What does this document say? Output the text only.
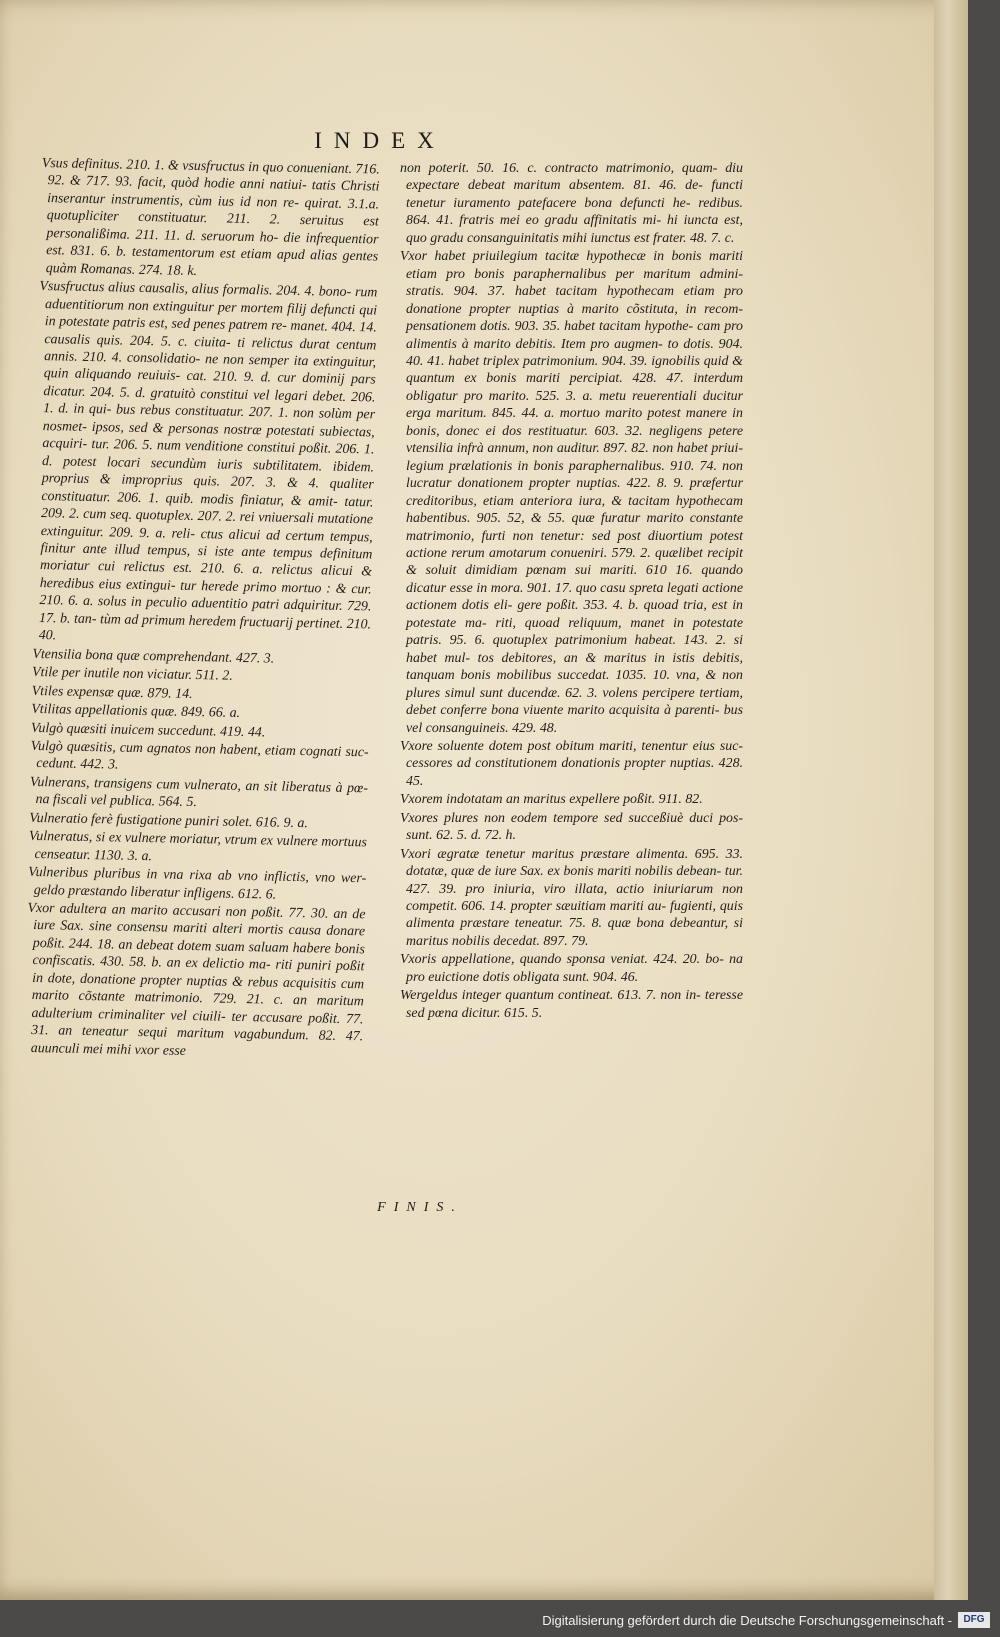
INDEX

Vsus definitus. 210. 1. & vsusfructus in quo conueniant. 716. 92. & 717. 93. facit, quòd hodie anni natiui- tatis Christi inserantur instrumentis, cùm ius id non re- quirat. 3.1.a. quotupliciter constituatur. 211. 2. seruitus est personalißima. 211. 11. d. seruorum ho- die infrequentior est. 831. 6. b. testamentorum est etiam apud alias gentes quàm Romanas. 274. 18. k.

Vsusfructus alius causalis, alius formalis. 204. 4. bono- rum aduentitiorum non extinguitur per mortem filij defuncti qui in potestate patris est, sed penes patrem re- manet. 404. 14. causalis quis. 204. 5. c. ciuita- ti relictus durat centum annis. 210. 4. consolidatio- ne non semper ita extinguitur, quin aliquando reuiuis- cat. 210. 9. d. cur dominij pars dicatur. 204. 5. d. gratuitò constitui vel legari debet. 206. 1. d. in qui- bus rebus constituatur. 207. 1. non solùm per nosmet- ipsos, sed & personas nostræ potestati subiectas, acquiri- tur. 206. 5. num venditione constitui poßit. 206. 1. d. potest locari secundùm iuris subtilitatem. ibidem. proprius & improprius quis. 207. 3. & 4. qualiter constituatur. 206. 1. quib. modis finiatur, & amit- tatur. 209. 2. cum seq. quotuplex. 207. 2. rei vniuersali mutatione extinguitur. 209. 9. a. reli- ctus alicui ad certum tempus, finitur ante illud tempus, si iste ante tempus definitum moriatur cui relictus est. 210. 6. a. relictus alicui & heredibus eius extingui- tur herede primo mortuo : & cur. 210. 6. a. solus in peculio aduentitio patri adquiritur. 729. 17. b. tan- tùm ad primum heredem fructuarij pertinet. 210. 40.

Vtensilia bona quæ comprehendant. 427. 3.

Vtile per inutile non viciatur. 511. 2.

Vtiles expensæ quæ. 879. 14.

Vtilitas appellationis quæ. 849. 66. a.

Vulgò quæsiti inuicem succedunt. 419. 44.

Vulgò quæsitis, cum agnatos non habent, etiam cognati suc- cedunt. 442. 3.

Vulnerans, transigens cum vulnerato, an sit liberatus à pœ- na fiscali vel publica. 564. 5.

Vulneratio ferè fustigatione puniri solet. 616. 9. a.

Vulneratus, si ex vulnere moriatur, vtrum ex vulnere mortuus censeatur. 1130. 3. a.

Vulneribus pluribus in vna rixa ab vno inflictis, vno wer- geldo præstando liberatur infligens. 612. 6.

Vxor adultera an marito accusari non poßit. 77. 30. an de iure Sax. sine consensu mariti alteri mortis causa donare poßit. 244. 18. an debeat dotem suam saluam habere bonis confiscatis. 430. 58. b. an ex delictio ma- riti puniri poßit in dote, donatione propter nuptias & rebus acquisitis cum marito cõstante matrimonio. 729. 21. c. an maritum adulterium criminaliter vel ciuili- ter accusare poßit. 77. 31. an teneatur sequi maritum vagabundum. 82. 47. auunculi mei mihi vxor esse

non poterit. 50. 16. c. contracto matrimonio, quam- diu expectare debeat maritum absentem. 81. 46. de- functi tenetur iuramento patefacere bona defuncti he- redibus. 864. 41. fratris mei eo gradu affinitatis mi- hi iuncta est, quo gradu consanguinitatis mihi iunctus est frater. 48. 7. c.

Vxor habet priuilegium tacitæ hypothecæ in bonis mariti etiam pro bonis paraphernalibus per maritum admini- stratis. 904. 37. habet tacitam hypothecam etiam pro donatione propter nuptias à marito cõstituta, in recom- pensationem dotis. 903. 35. habet tacitam hypothe- cam pro alimentis à marito debitis. Item pro augmen- to dotis. 904. 40. 41. habet triplex patrimonium. 904. 39. ignobilis quid & quantum ex bonis mariti percipiat. 428. 47. interdum obligatur pro marito. 525. 3. a. metu reuerentiali ducitur erga maritum. 845. 44. a. mortuo marito potest manere in bonis, donec ei dos restituatur. 603. 32. negligens petere vtensilia infrà annum, non auditur. 897. 82. non habet priui- legium prælationis in bonis paraphernalibus. 910. 74. non lucratur donationem propter nuptias. 422. 8. 9. præfertur creditoribus, etiam anteriora iura, & tacitam hypothecam habentibus. 905. 52, & 55. quæ furatur marito constante matrimonio, furti non tenetur: sed post diuortium potest actione rerum amotarum conueniri. 579. 2. quælibet recipit & soluit dimidiam pœnam sui mariti. 610 16. quando dicatur esse in mora. 901. 17. quo casu spreta legati actione actionem dotis eli- gere poßit. 353. 4. b. quoad tria, est in potestate ma- riti, quoad reliquum, manet in potestate patris. 95. 6. quotuplex patrimonium habeat. 143. 2. si habet mul- tos debitores, an & maritus in istis debitis, tanquam bonis mobilibus succedat. 1035. 10. vna, & non plures simul sunt ducendæ. 62. 3. volens percipere tertiam, debet conferre bona viuente marito acquisita à parenti- bus vel consanguineis. 429. 48.

Vxore soluente dotem post obitum mariti, tenentur eius suc- cessores ad constitutionem donationis propter nuptias. 428. 45.

Vxorem indotatam an maritus expellere poßit. 911. 82.

Vxores plures non eodem tempore sed succeßiuè duci pos- sunt. 62. 5. d. 72. h.

Vxori ægratæ tenetur maritus præstare alimenta. 695. 33. dotatæ, quæ de iure Sax. ex bonis mariti nobilis debean- tur. 427. 39. pro iniuria, viro illata, actio iniuriarum non competit. 606. 14. propter sæuitiam mariti au- fugienti, quis alimenta præstare teneatur. 75. 8. quæ bona debeantur, si maritus nobilis decedat. 897. 79.

Vxoris appellatione, quando sponsa veniat. 424. 20. bo- na pro euictione dotis obligata sunt. 904. 46.

Wergeldus integer quantum contineat. 613. 7. non in- teresse sed pœna dicitur. 615. 5.

FINIS.
Digitalisierung gefördert durch die Deutsche Forschungsgemeinschaft -	DFG
